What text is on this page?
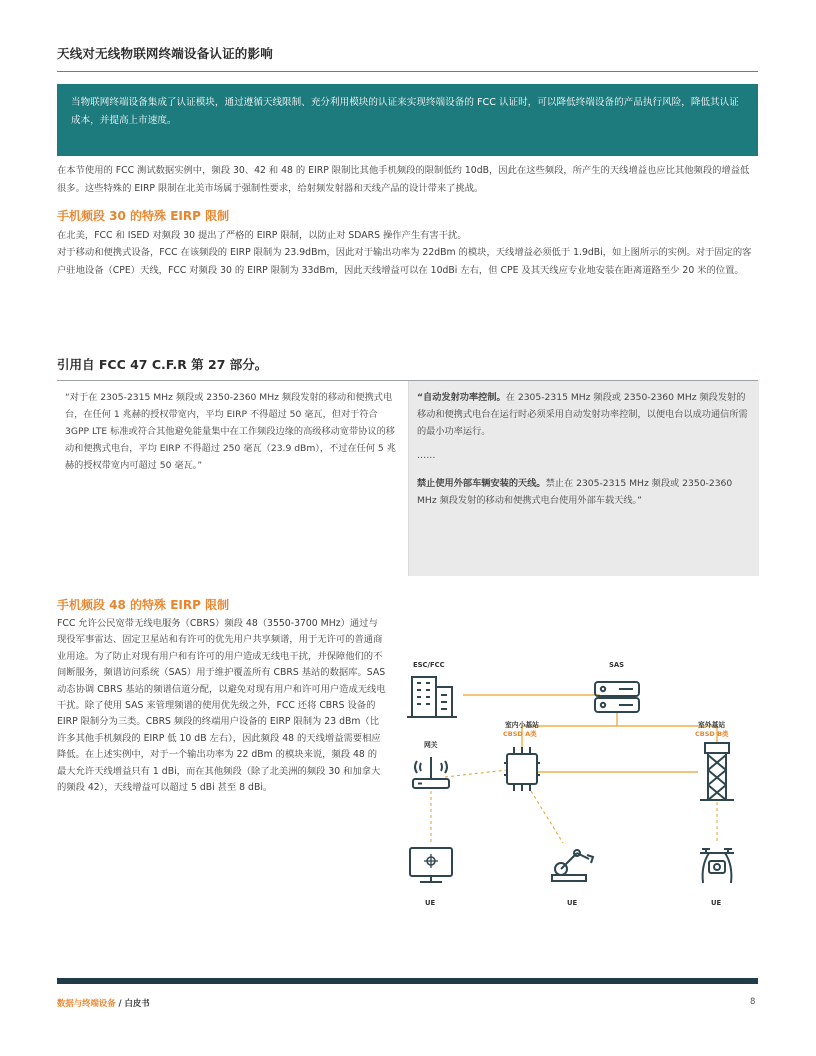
天线对无线物联网终端设备认证的影响
当物联网终端设备集成了认证模块，通过遵循天线限制、充分利用模块的认证来实现终端设备的 FCC 认证时，可以降低终端设备的产品执行风险，降低其认证成本，并提高上市速度。
在本节使用的 FCC 测试数据实例中，频段 30、42 和 48 的 EIRP 限制比其他手机频段的限制低约 10dB，因此在这些频段，所产生的天线增益也应比其他频段的增益低很多。这些特殊的 EIRP 限制在北美市场属于强制性要求，给射频发射器和天线产品的设计带来了挑战。
手机频段 30 的特殊 EIRP 限制
在北美，FCC 和 ISED 对频段 30 提出了严格的 EIRP 限制，以防止对 SDARS 操作产生有害干扰。
对于移动和便携式设备，FCC 在该频段的 EIRP 限制为 23.9dBm，因此对于输出功率为 22dBm 的模块，天线增益必须低于 1.9dBi，如上图所示的实例。对于固定的客户驻地设备（CPE）天线，FCC 对频段 30 的 EIRP 限制为 33dBm，因此天线增益可以在 10dBi 左右，但 CPE 及其天线应专业地安装在距离道路至少 20 米的位置。
引用自 FCC 47 C.F.R 第 27 部分。
“对于在 2305-2315 MHz 频段或 2350-2360 MHz 频段发射的移动和便携式电台，在任何 1 兆赫的授权带宽内，平均 EIRP 不得超过 50 毫瓦，但对于符合 3GPP LTE 标准或符合其他避免能量集中在工作频段边缘的高级移动宽带协议的移动和便携式电台，平均 EIRP 不得超过 250 毫瓦（23.9 dBm），不过在任何 5 兆赫的授权带宽内可超过 50 毫瓦。”
“自动发射功率控制。在 2305-2315 MHz 频段或 2350-2360 MHz 频段发射的移动和便携式电台在运行时必须采用自动发射功率控制，以便电台以成功通信所需的最小功率运行。
……
禁止使用外部车辆安装的天线。禁止在 2305-2315 MHz 频段或 2350-2360 MHz 频段发射的移动和便携式电台使用外部车载天线。”
手机频段 48 的特殊 EIRP 限制
FCC 允许公民宽带无线电服务（CBRS）频段 48（3550-3700 MHz）通过与现役军事雷达、固定卫星站和有许可的优先用户共享频谱，用于无许可的普通商业用途。为了防止对现有用户和有许可的用户造成无线电干扰，并保障他们的不间断服务，频谱访问系统（SAS）用于维护覆盖所有 CBRS 基站的数据库。SAS 动态协调 CBRS 基站的频谱信道分配，以避免对现有用户和许可用户造成无线电干扰。除了使用 SAS 来管理频谱的使用优先级之外，FCC 还将 CBRS 设备的 EIRP 限制分为三类。CBRS 频段的终端用户设备的 EIRP 限制为 23 dBm（比许多其他手机频段的 EIRP 低 10 dB 左右），因此频段 48 的天线增益需要相应降低。在上述实例中，对于一个输出功率为 22 dBm 的模块来说，频段 48 的最大允许天线增益只有 1 dBi，而在其他频段（除了北美洲的频段 30 和加拿大的频段 42），天线增益可以超过 5 dBi 甚至 8 dBi。
ESC/FCC	SAS
室内小基站
CBSD A类
室外基站
CBSD B类
网关
UE	UE	UE
数据与终端设备 / 白皮书	8
